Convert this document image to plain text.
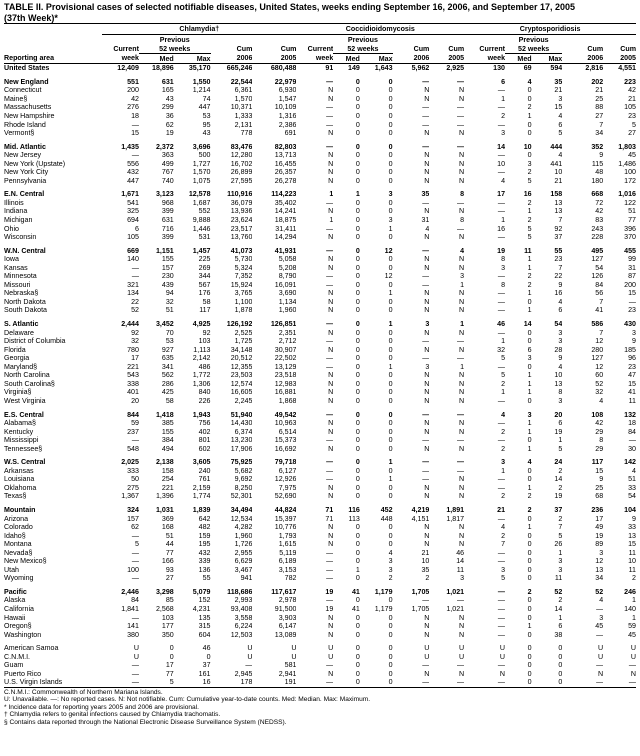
TABLE II. Provisional cases of selected notifiable diseases, United States, weeks ending September 16, 2006, and September 17, 2005
(37th Week)*
	Chlamydia†					Coccidioidomycosis					Cryptosporidiosis				
		Previous					Previous					Previous			
	Current	52 weeks		Cum	Cum	Current	52 weeks		Cum	Cum	Current	52 weeks		Cum	Cum
Reporting area	week	Med	Max	2006	2005	week	Med	Max	2006	2005	week	Med	Max	2006	2005
United States	12,409	18,896	35,170	665,246	680,488	91	149	1,643	5,962	2,925	130	69	594	2,816	4,551

New England	551	631	1,550	22,544	22,979	—	0	0	—	—	6	4	35	202	223
Connecticut	200	165	1,214	6,361	6,930	N	0	0	N	N	—	0	21	21	42
Maine§	42	43	74	1,570	1,547	N	0	0	N	N	1	0	3	25	21
Massachusetts	276	299	447	10,371	10,109	—	0	0	—	—	—	2	15	88	105
New Hampshire	18	36	53	1,333	1,316	—	0	0	—	—	2	1	4	27	23
Rhode Island	—	62	95	2,131	2,386	—	0	0	—	—	—	0	6	7	5
Vermont§	15	19	43	778	691	N	0	0	N	N	3	0	5	34	27

Mid. Atlantic	1,435	2,372	3,696	83,476	82,803	—	0	0	—	—	14	10	444	352	1,803
New Jersey	—	363	500	12,280	13,713	N	0	0	N	N	—	0	4	9	45
New York (Upstate)	556	499	1,727	16,702	16,455	N	0	0	N	N	10	3	441	115	1,486
New York City	432	767	1,570	26,899	26,357	N	0	0	N	N	—	2	10	48	100
Pennsylvania	447	740	1,075	27,595	26,278	N	0	0	N	N	4	5	21	180	172

E.N. Central	1,671	3,123	12,578	110,916	114,223	1	1	3	35	8	17	16	158	668	1,016
Illinois	541	968	1,687	36,079	35,402	—	0	0	—	—	—	2	13	72	122
Indiana	325	399	552	13,936	14,241	N	0	0	N	N	—	1	13	42	51
Michigan	694	631	9,888	23,624	18,875	1	0	3	31	8	1	2	7	83	77
Ohio	6	716	1,446	23,517	31,411	—	0	1	4	—	16	5	92	243	396
Wisconsin	105	399	531	13,760	14,294	N	0	0	N	N	—	5	37	228	370

W.N. Central	669	1,151	1,457	41,073	41,931	—	0	12	—	4	19	11	55	495	455
Iowa	140	155	225	5,730	5,058	N	0	0	N	N	8	1	23	127	99
Kansas	—	157	269	5,324	5,208	N	0	0	N	N	3	1	7	54	31
Minnesota	—	230	344	7,352	8,790	—	0	12	—	3	—	2	22	126	87
Missouri	321	439	567	15,924	16,091	—	0	0	—	1	8	2	9	84	200
Nebraska§	134	94	176	3,765	3,690	N	0	1	N	N	—	1	16	56	15
North Dakota	22	32	58	1,100	1,134	N	0	0	N	N	—	0	4	7	—
South Dakota	52	51	117	1,878	1,960	N	0	0	N	N	—	1	6	41	23

S. Atlantic	2,444	3,452	4,925	126,192	126,851	—	0	1	3	1	46	14	54	586	430
Delaware	92	70	92	2,525	2,351	N	0	0	N	N	—	0	3	7	3
District of Columbia	32	53	103	1,725	2,712	—	0	0	—	—	1	0	3	12	9
Florida	780	927	1,113	34,148	30,907	N	0	0	N	N	32	6	28	280	185
Georgia	17	635	2,142	20,512	22,502	—	0	0	—	—	5	3	9	127	96
Maryland§	221	341	486	12,355	13,129	—	0	1	3	1	—	0	4	12	23
North Carolina	543	562	1,772	23,503	23,518	N	0	0	N	N	5	1	10	60	47
South Carolina§	338	286	1,306	12,574	12,983	N	0	0	N	N	2	1	13	52	15
Virginia§	401	425	840	16,605	16,881	N	0	0	N	N	1	1	8	32	41
West Virginia	20	58	226	2,245	1,868	N	0	0	N	N	—	0	3	4	11

E.S. Central	844	1,418	1,943	51,940	49,542	—	0	0	—	—	4	3	20	108	132
Alabama§	59	385	756	14,430	10,963	N	0	0	N	N	—	1	6	42	18
Kentucky	237	155	402	6,374	6,514	N	0	0	N	N	2	1	19	29	84
Mississippi	—	384	801	13,230	15,373	—	0	0	—	—	—	0	1	8	—
Tennessee§	548	494	602	17,906	16,692	N	0	0	N	N	2	1	5	29	30

W.S. Central	2,025	2,138	3,605	75,925	79,718	—	0	1	—	—	3	4	24	117	142
Arkansas	333	158	240	5,682	6,127	—	0	0	—	—	1	0	2	15	4
Louisiana	50	254	761	9,692	12,926	—	0	1	—	N	—	0	14	9	51
Oklahoma	275	221	2,159	8,250	7,975	N	0	0	N	N	—	1	2	25	33
Texas§	1,367	1,396	1,774	52,301	52,690	N	0	0	N	N	2	2	19	68	54

Mountain	324	1,031	1,839	34,494	44,824	71	116	452	4,219	1,891	21	2	37	236	104
Arizona	157	369	642	12,534	15,397	71	113	448	4,151	1,817	—	0	2	17	9
Colorado	62	168	482	4,282	10,776	N	0	0	N	N	4	1	7	49	33
Idaho§	—	51	159	1,960	1,793	N	0	0	N	N	2	0	5	19	13
Montana	5	44	195	1,726	1,615	N	0	0	N	N	7	0	26	89	15
Nevada§	—	77	432	2,955	5,119	—	0	4	21	46	—	0	1	3	11
New Mexico§	—	166	339	6,629	6,189	—	0	3	10	14	—	0	3	12	10
Utah	100	93	136	3,467	3,153	—	1	3	35	11	3	0	3	13	11
Wyoming	—	27	55	941	782	—	0	2	2	3	5	0	11	34	2

Pacific	2,446	3,298	5,079	118,686	117,617	19	41	1,179	1,705	1,021	—	2	52	52	246
Alaska	84	85	152	2,993	2,978	—	0	0	—	—	—	0	2	4	1
California	1,841	2,568	4,231	93,408	91,500	19	41	1,179	1,705	1,021	—	0	14	—	140
Hawaii	—	103	135	3,558	3,903	N	0	0	N	N	—	0	1	3	1
Oregon§	141	177	315	6,224	6,147	N	0	0	N	N	—	1	6	45	59
Washington	380	350	604	12,503	13,089	N	0	0	N	N	—	0	38	—	45

American Samoa	U	0	46	U	U	U	0	0	U	U	U	0	0	U	U
C.N.M.I.	U	0	0	U	U	U	0	0	U	U	U	0	0	U	U
Guam	—	17	37	—	581	—	0	0	—	—	—	0	0	—	—
Puerto Rico	—	77	161	2,945	2,941	N	0	0	N	N	N	0	0	N	N
U.S. Virgin Islands	—	5	16	178	191	—	0	0	—	—	—	0	0	—	—
C.N.M.I.: Commonwealth of Northern Mariana Islands.
U: Unavailable. —: No reported cases. N: Not notifiable. Cum: Cumulative year-to-date counts. Med: Median. Max: Maximum.
* Incidence data for reporting years 2005 and 2006 are provisional.
† Chlamydia refers to genital infections caused by Chlamydia trachomatis.
§ Contains data reported through the National Electronic Disease Surveillance System (NEDSS).
